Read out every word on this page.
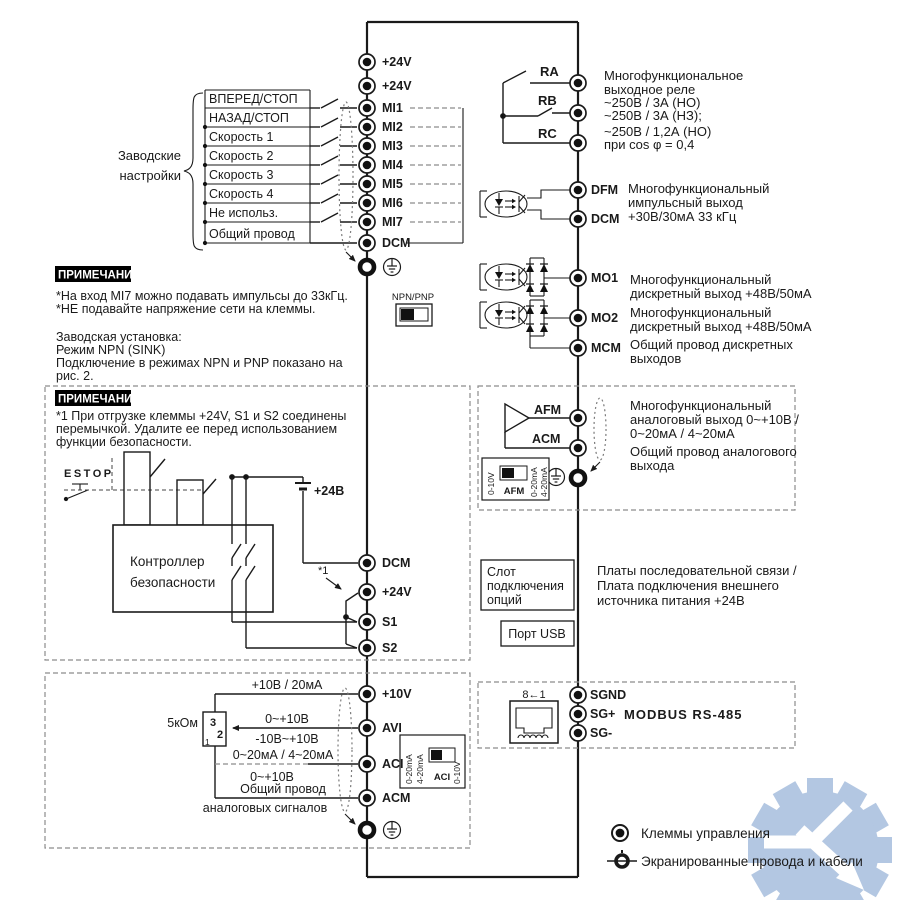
ВПЕРЕД/СТОП
НАЗАД/СТОП
Скорость 1
Скорость 2
Скорость 3
Скорость 4
Не использ.
Общий провод
Заводские
настройки
NPN/PNP
+24V
+24V
MI1
MI2
MI3
MI4
MI5
MI6
MI7
DCM
ПРИМЕЧАНИЕ
*На вход MI7 можно подавать импульсы до 33кГц.
*НЕ подавайте напряжение сети на клеммы.
Заводская установка:
Режим NPN (SINK)
Подключение в режимах NPN и PNP показано на
рис. 2.
ПРИМЕЧАНИЕ
*1 При отгрузке клеммы +24V, S1 и S2 соединены
перемычкой. Удалите ее перед использованием
функции безопасности.
ESTOP
Контроллер
безопасности
+24В
*1
DCM
+24V
S1
S2
3
2
1
+10В / 20мА
5кОм	0~+10В
-10В~+10В
0~20мА / 4~20мА
0~+10В
Общий провод
аналоговых сигналов
0-20mA 4-20mA ACI 0-10V
+10V
AVI
ACI
ACM
RA
RB
RC
Многофункциональное
выходное реле
~250В / 3А (НО)
~250В / 3А (НЗ);
~250В / 1,2А (НО)
при cos φ = 0,4
DFM
DCM
Многофункциональный
импульсный выход
+30В/30мА 33 кГц
MO1
MO2
MCM
Многофункциональный
дискретный выход +48В/50мА
Многофункциональный
дискретный выход +48В/50мА
Общий провод дискретных
выходов
AFM
ACM
Многофункциональный
аналоговый выход 0~+10В /
0~20мА / 4~20мА
Общий провод аналогового
выхода
0-10V AFM 0-20mA 4-20mA
Слот
подключения
опций
Порт USB
Платы последовательной связи /
Плата подключения внешнего
источника питания +24В
8←1	SGND
SG+
SG-
MODBUS RS-485
Клеммы управления
Экранированные провода и кабели
